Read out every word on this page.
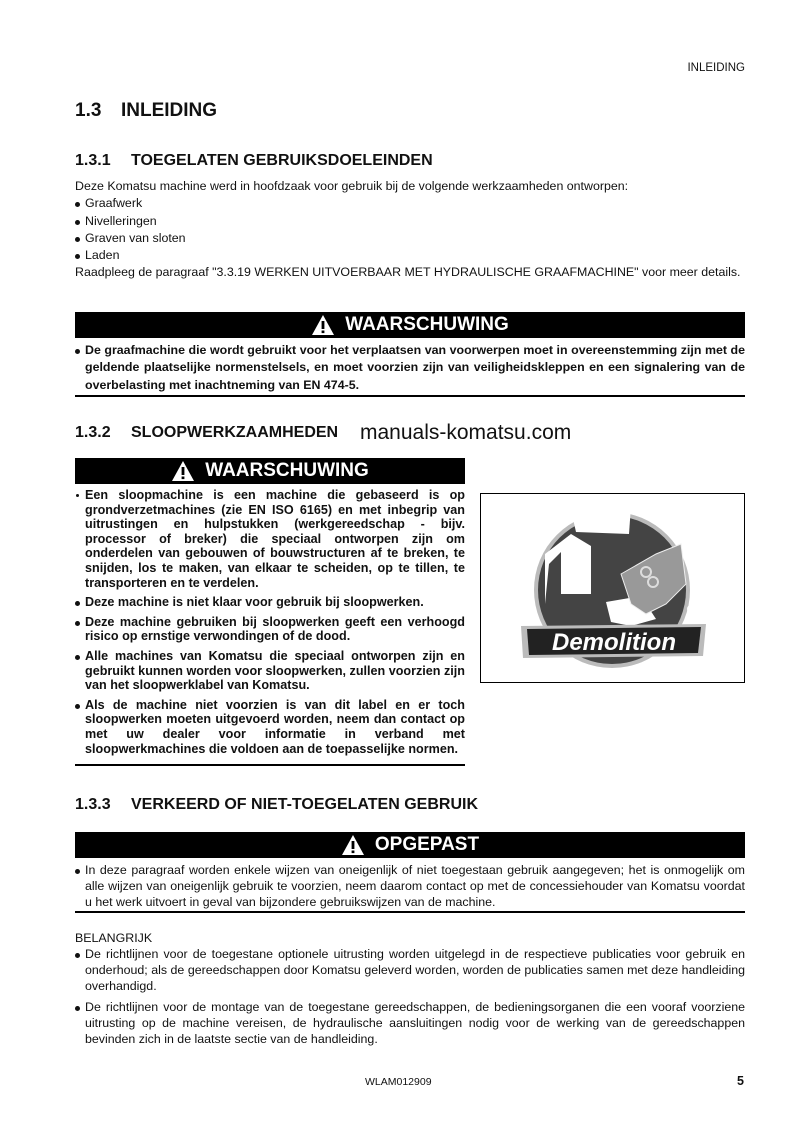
INLEIDING
1.3 INLEIDING
1.3.1 TOEGELATEN GEBRUIKSDOELEINDEN
Deze Komatsu machine werd in hoofdzaak voor gebruik bij de volgende werkzaamheden ontworpen:
Graafwerk
Nivelleringen
Graven van sloten
Laden
Raadpleeg de paragraaf "3.3.19 WERKEN UITVOERBAAR MET HYDRAULISCHE GRAAFMACHINE" voor meer details.
WAARSCHUWING
De graafmachine die wordt gebruikt voor het verplaatsen van voorwerpen moet in overeenstemming zijn met de geldende plaatselijke normenstelsels, en moet voorzien zijn van veiligheidskleppen en een signalering van de overbelasting met inachtneming van EN 474-5.
1.3.2 SLOOPWERKZAAMHEDEN manuals-komatsu.com
WAARSCHUWING
Een sloopmachine is een machine die gebaseerd is op grondverzetmachines (zie EN ISO 6165) en met inbegrip van uitrustingen en hulpstukken (werkgereedschap - bijv. processor of breker) die speciaal ontworpen zijn om onderdelen van gebouwen of bouwstructuren af te breken, te snijden, los te maken, van elkaar te scheiden, op te tillen, te transporteren en te verdelen.
Deze machine is niet klaar voor gebruik bij sloopwerken.
Deze machine gebruiken bij sloopwerken geeft een verhoogd risico op ernstige verwondingen of de dood.
Alle machines van Komatsu die speciaal ontworpen zijn en gebruikt kunnen worden voor sloopwerken, zullen voorzien zijn van het sloopwerklabel van Komatsu.
Als de machine niet voorzien is van dit label en er toch sloopwerken moeten uitgevoerd worden, neem dan contact op met uw dealer voor informatie in verband met sloopwerkmachines die voldoen aan de toepasselijke normen.
Demolition
1.3.3 VERKEERD OF NIET-TOEGELATEN GEBRUIK
OPGEPAST
In deze paragraaf worden enkele wijzen van oneigenlijk of niet toegestaan gebruik aangegeven; het is onmogelijk om alle wijzen van oneigenlijk gebruik te voorzien, neem daarom contact op met de concessiehouder van Komatsu voordat u het werk uitvoert in geval van bijzondere gebruikswijzen van de machine.
BELANGRIJK
De richtlijnen voor de toegestane optionele uitrusting worden uitgelegd in de respectieve publicaties voor gebruik en onderhoud; als de gereedschappen door Komatsu geleverd worden, worden de publicaties samen met deze handleiding overhandigd.
De richtlijnen voor de montage van de toegestane gereedschappen, de bedieningsorganen die een vooraf voorziene uitrusting op de machine vereisen, de hydraulische aansluitingen nodig voor de werking van de gereedschappen bevinden zich in de laatste sectie van de handleiding.
WLAM012909	5
